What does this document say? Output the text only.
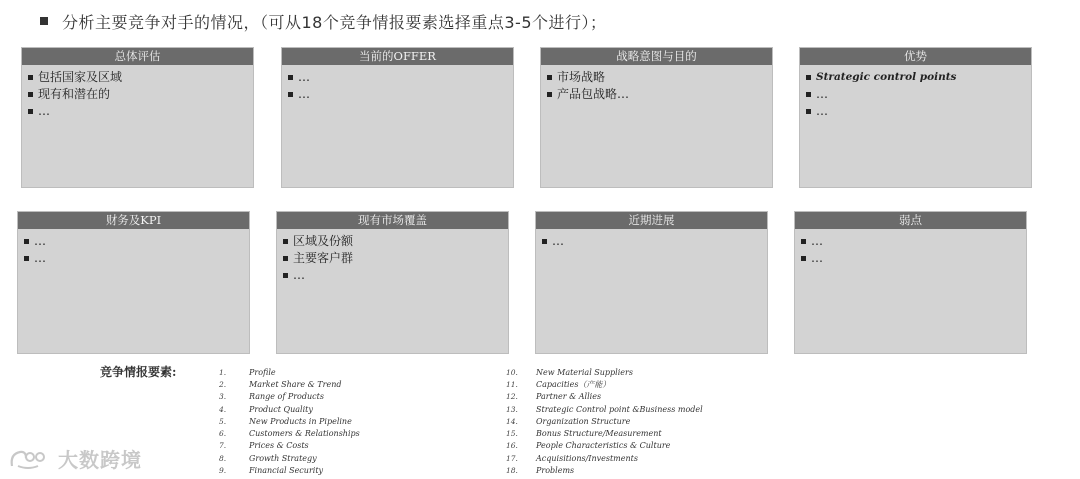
分析主要竞争对手的情况，（可从18个竞争情报要素选择重点3-5个进行）；
总体评估
包括国家及区域
现有和潜在的
…
当前的OFFER
…
…
战略意图与目的
市场战略
产品包战略…
优势
Strategic control points
…
…
财务及KPI
…
…
现有市场覆盖
区域及份额
主要客户群
…
近期进展
…
弱点
…
…
竞争情报要素:	1.	Profile
2.	Market Share & Trend
3.	Range of Products
4.	Product Quality
5.	New Products in Pipeline
6.	Customers & Relationships
7.	Prices & Costs
8.	Growth Strategy
9.	Financial Security
10.	New Material Suppliers
11.	Capacities（产能）
12.	Partner & Allies
13.	Strategic Control point &Business model
14.	Organization Structure
15.	Bonus Structure/Measurement
16.	People Characteristics & Culture
17.	Acquisitions/Investments
18.	Problems
大数跨境
